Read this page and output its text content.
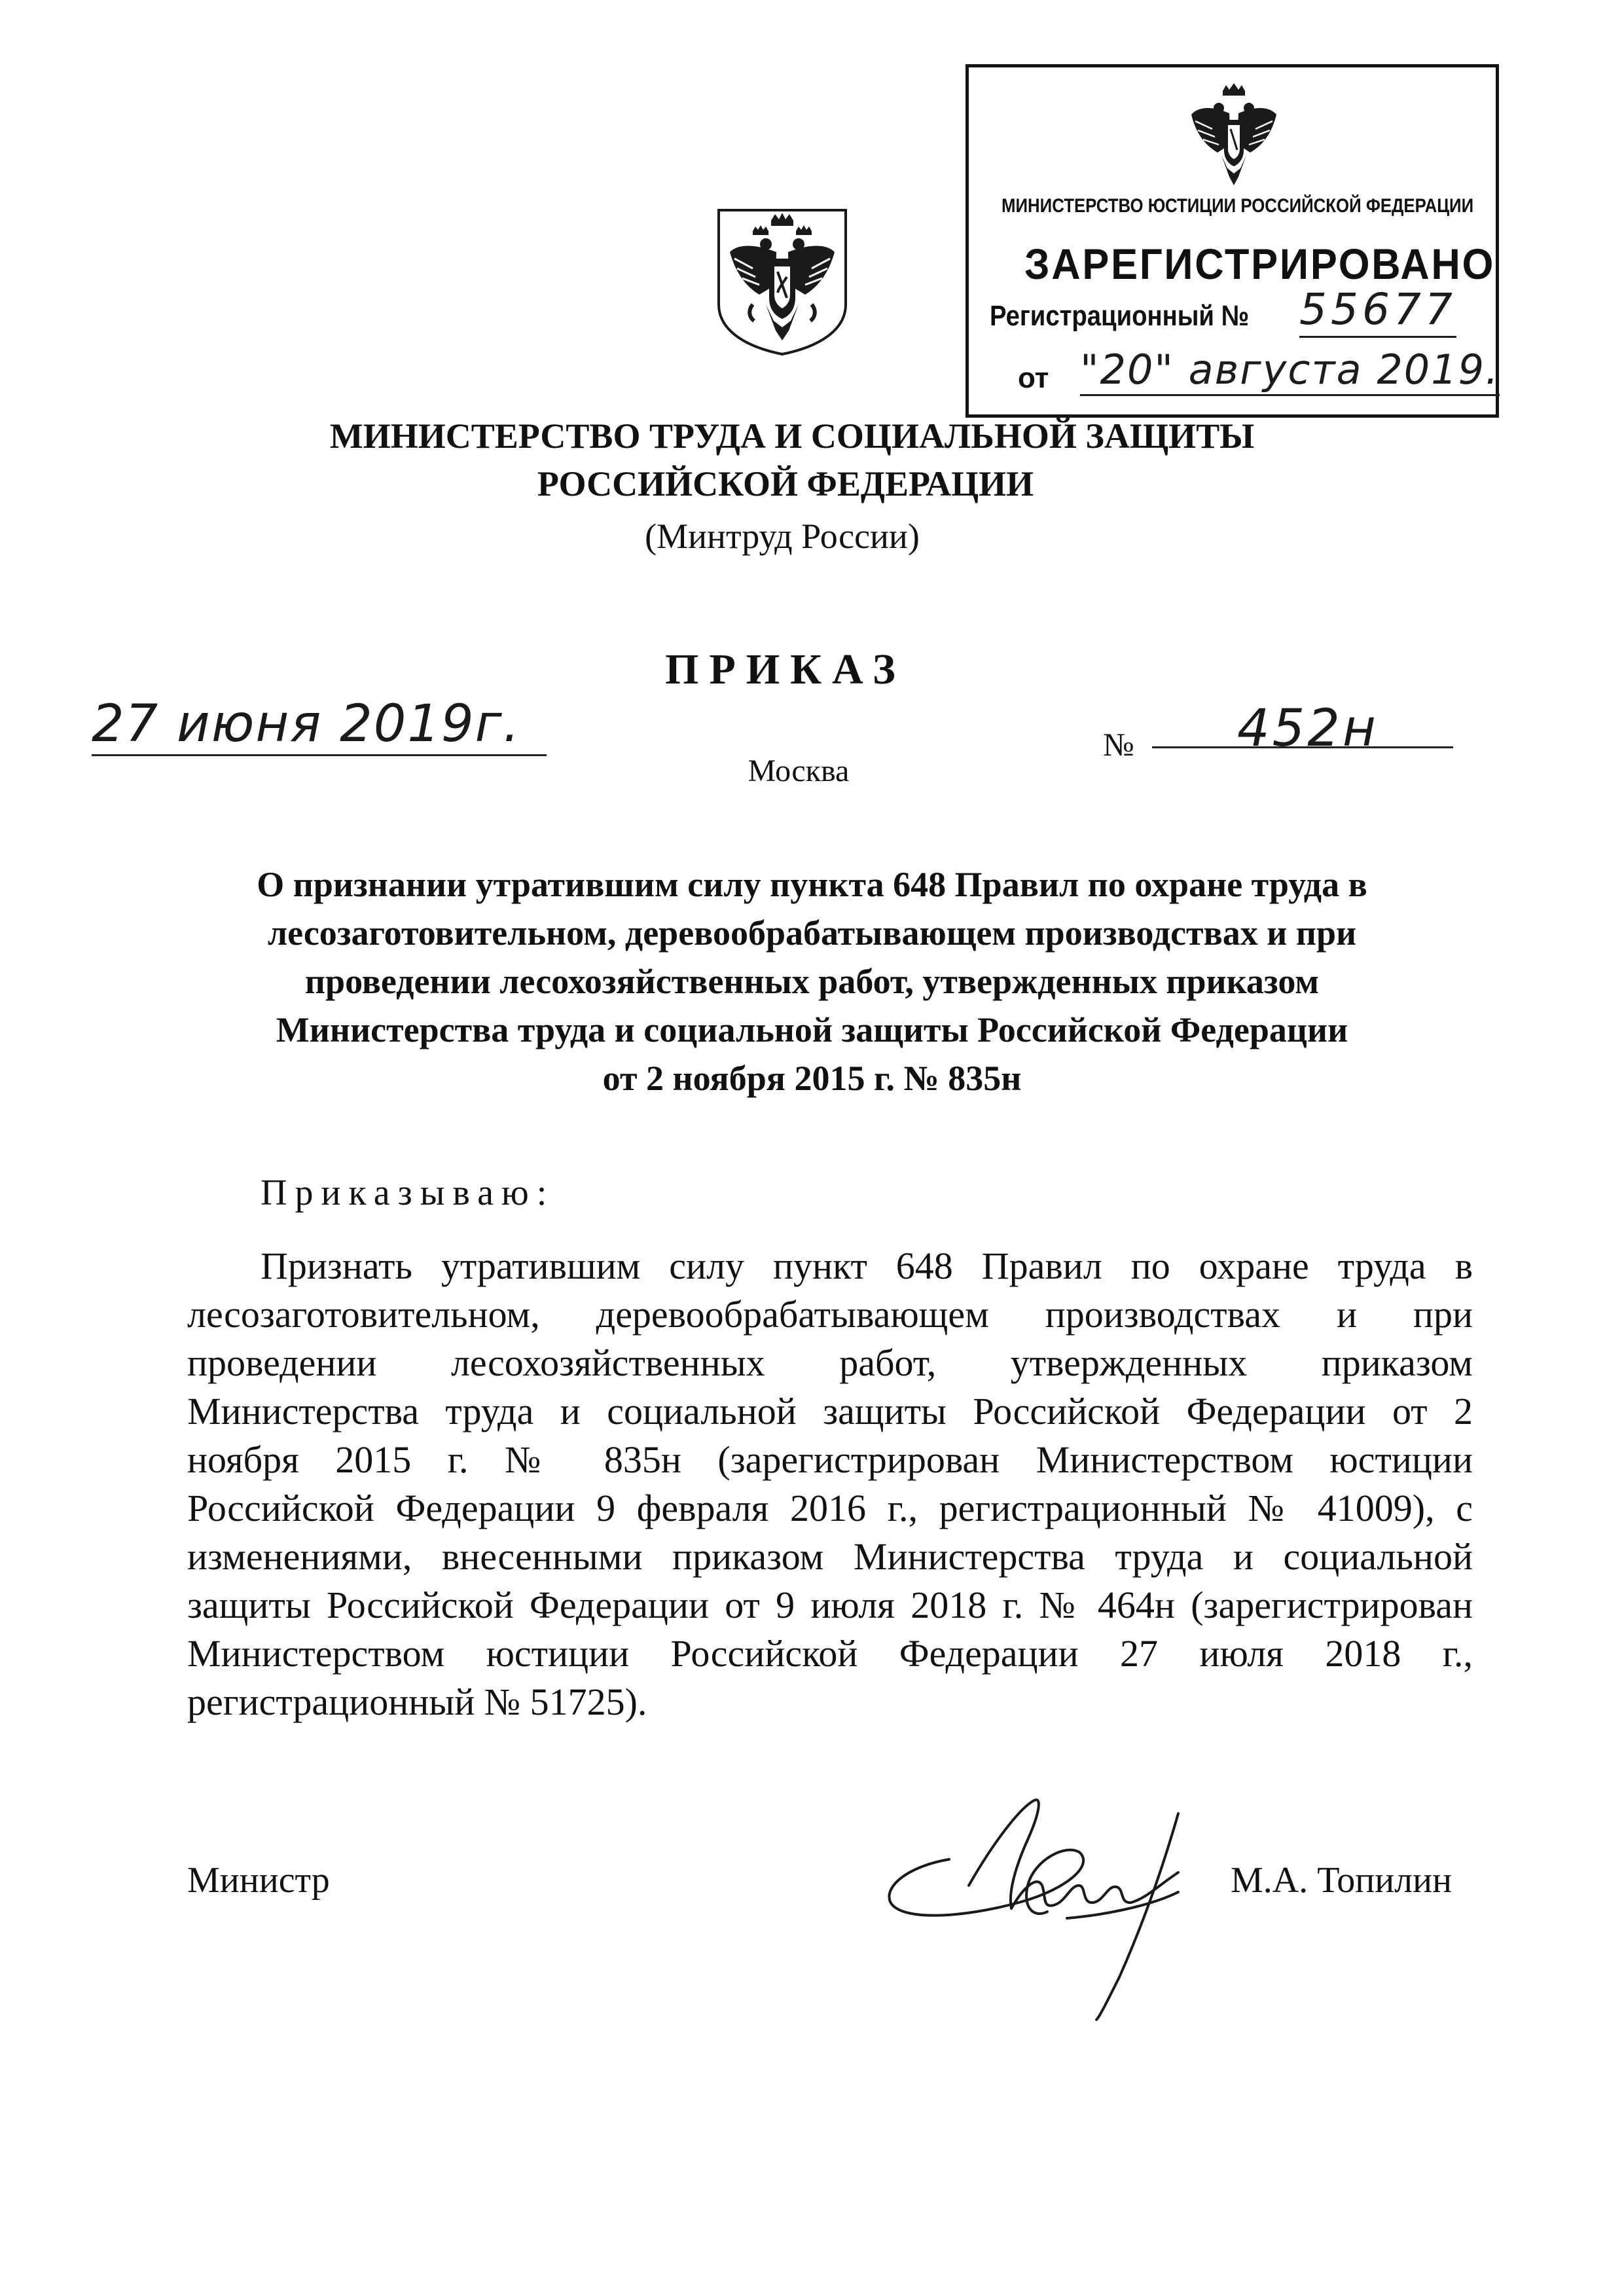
МИНИСТЕРСТВО ЮСТИЦИИ РОССИЙСКОЙ ФЕДЕРАЦИИ
ЗАРЕГИСТРИРОВАНО
Регистрационный № 55677
от "20" августа 2019.
МИНИСТЕРСТВО ТРУДА И СОЦИАЛЬНОЙ ЗАЩИТЫ
РОССИЙСКОЙ ФЕДЕРАЦИИ
(Минтруд России)
ПРИКАЗ
27 июня 2019г.	№ 452н
Москва
О признании утратившим силу пункта 648 Правил по охране труда в
лесозаготовительном, деревообрабатывающем производствах и при
проведении лесохозяйственных работ, утвержденных приказом
Министерства труда и социальной защиты Российской Федерации
от 2 ноября 2015 г. № 835н
Приказываю:
Признать утратившим силу пункт 648 Правил по охране труда в
лесозаготовительном, деревообрабатывающем производствах и при
проведении лесохозяйственных работ, утвержденных приказом
Министерства труда и социальной защиты Российской Федерации от 2
ноября 2015 г. № 835н (зарегистрирован Министерством юстиции
Российской Федерации 9 февраля 2016 г., регистрационный № 41009), с
изменениями, внесенными приказом Министерства труда и социальной
защиты Российской Федерации от 9 июля 2018 г. № 464н (зарегистрирован
Министерством юстиции Российской Федерации 27 июля 2018 г.,
регистрационный № 51725).
Министр	М.А. Топилин
